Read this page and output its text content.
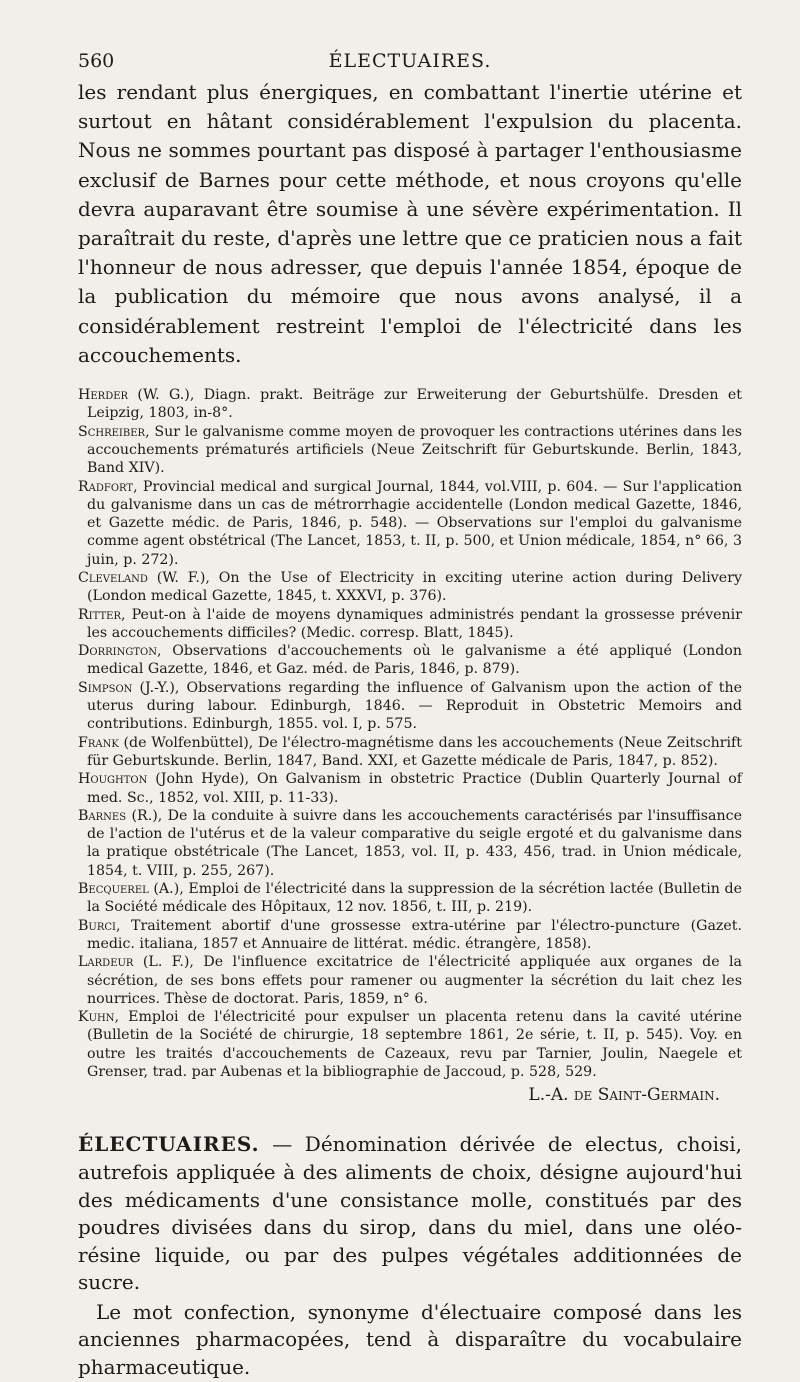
560	ÉLECTUAIRES.

les rendant plus énergiques, en combattant l'inertie utérine et surtout en hâtant considérablement l'expulsion du placenta. Nous ne sommes pourtant pas disposé à partager l'enthousiasme exclusif de Barnes pour cette méthode, et nous croyons qu'elle devra auparavant être soumise à une sévère expérimentation. Il paraîtrait du reste, d'après une lettre que ce praticien nous a fait l'honneur de nous adresser, que depuis l'année 1854, époque de la publication du mémoire que nous avons analysé, il a considérablement restreint l'emploi de l'électricité dans les accouchements.

Herder (W. G.), Diagn. prakt. Beiträge zur Erweiterung der Geburtshülfe. Dresden et Leipzig, 1803, in-8°.

Schreiber, Sur le galvanisme comme moyen de provoquer les contractions utérines dans les accouchements prématurés artificiels (Neue Zeitschrift für Geburtskunde. Berlin, 1843, Band XIV).

Radfort, Provincial medical and surgical Journal, 1844, vol.VIII, p. 604. — Sur l'application du galvanisme dans un cas de métrorrhagie accidentelle (London medical Gazette, 1846, et Gazette médic. de Paris, 1846, p. 548). — Observations sur l'emploi du galvanisme comme agent obstétrical (The Lancet, 1853, t. II, p. 500, et Union médicale, 1854, n° 66, 3 juin, p. 272).

Cleveland (W. F.), On the Use of Electricity in exciting uterine action during Delivery (London medical Gazette, 1845, t. XXXVI, p. 376).

Ritter, Peut-on à l'aide de moyens dynamiques administrés pendant la grossesse prévenir les accouchements difficiles? (Medic. corresp. Blatt, 1845).

Dorrington, Observations d'accouchements où le galvanisme a été appliqué (London medical Gazette, 1846, et Gaz. méd. de Paris, 1846, p. 879).

Simpson (J.-Y.), Observations regarding the influence of Galvanism upon the action of the uterus during labour. Edinburgh, 1846. — Reproduit in Obstetric Memoirs and contributions. Edinburgh, 1855. vol. I, p. 575.

Frank (de Wolfenbüttel), De l'électro-magnétisme dans les accouchements (Neue Zeitschrift für Geburtskunde. Berlin, 1847, Band. XXI, et Gazette médicale de Paris, 1847, p. 852).

Houghton (John Hyde), On Galvanism in obstetric Practice (Dublin Quarterly Journal of med. Sc., 1852, vol. XIII, p. 11-33).

Barnes (R.), De la conduite à suivre dans les accouchements caractérisés par l'insuffisance de l'action de l'utérus et de la valeur comparative du seigle ergoté et du galvanisme dans la pratique obstétricale (The Lancet, 1853, vol. II, p. 433, 456, trad. in Union médicale, 1854, t. VIII, p. 255, 267).

Becquerel (A.), Emploi de l'électricité dans la suppression de la sécrétion lactée (Bulletin de la Société médicale des Hôpitaux, 12 nov. 1856, t. III, p. 219).

Burci, Traitement abortif d'une grossesse extra-utérine par l'électro-puncture (Gazet. medic. italiana, 1857 et Annuaire de littérat. médic. étrangère, 1858).

Lardeur (L. F.), De l'influence excitatrice de l'électricité appliquée aux organes de la sécrétion, de ses bons effets pour ramener ou augmenter la sécrétion du lait chez les nourrices. Thèse de doctorat. Paris, 1859, n° 6.

Kuhn, Emploi de l'électricité pour expulser un placenta retenu dans la cavité utérine (Bulletin de la Société de chirurgie, 18 septembre 1861, 2e série, t. II, p. 545). Voy. en outre les traités d'accouchements de Cazeaux, revu par Tarnier, Joulin, Naegele et Grenser, trad. par Aubenas et la bibliographie de Jaccoud, p. 528, 529.

L.-A. de Saint-Germain.

ÉLECTUAIRES. — Dénomination dérivée de electus, choisi, autrefois appliquée à des aliments de choix, désigne aujourd'hui des médicaments d'une consistance molle, constitués par des poudres divisées dans du sirop, dans du miel, dans une oléo-résine liquide, ou par des pulpes végétales additionnées de sucre.

Le mot confection, synonyme d'électuaire composé dans les anciennes pharmacopées, tend à disparaître du vocabulaire pharmaceutique.
